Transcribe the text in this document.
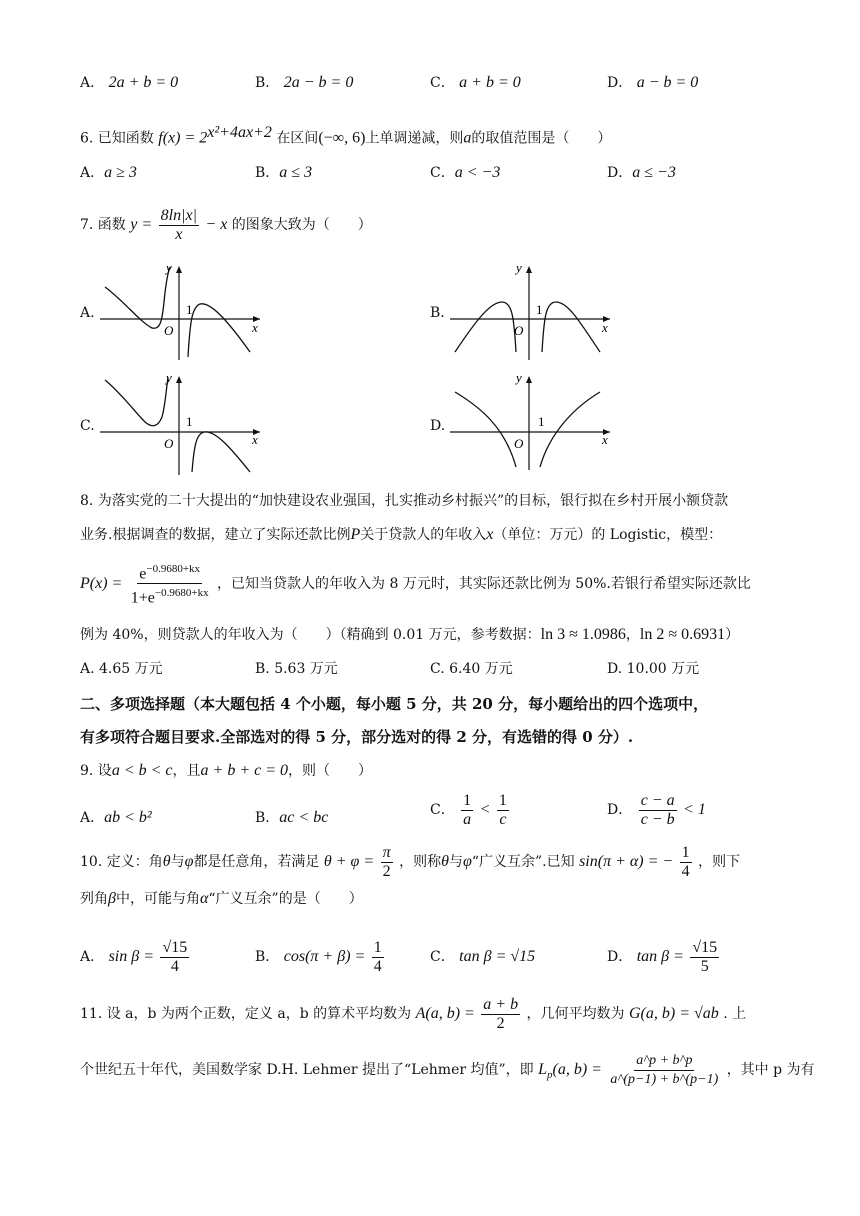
A． 2a + b = 0	B． 2a − b = 0	C． a + b = 0	D． a − b = 0
6. 已知函数 $f(x) = 2^{x^2+4ax+2}$ 在区间(−∞, 6)上单调递减，则a的取值范围是（　　）
A．a ≥ 3	B．a ≤ 3	C．a < −3	D．a ≤ −3
7. 函数 $y = \frac{8\ln|x|}{x} - x$ 的图象大致为（　　）
A.	B.
C.	D.
y
x
O
1
y
x
O
1
y
x
O
1
y
x
O
1
8. 为落实党的二十大提出的“加快建设农业强国，扎实推动乡村振兴”的目标，银行拟在乡村开展小额贷款
业务.根据调查的数据，建立了实际还款比例P关于贷款人的年收入x（单位：万元）的 Logistic，模型：
$P(x) = \frac{e^{-0.9680+kx}}{1+e^{-0.9680+kx}}$ ，已知当贷款人的年收入为 8 万元时，其实际还款比例为 50%.若银行希望实际还款比
例为 40%，则贷款人的年收入为（　　）（精确到 0.01 万元，参考数据：ln 3 ≈ 1.0986，ln 2 ≈ 0.6931）
A. 4.65 万元	B. 5.63 万元	C. 6.40 万元	D. 10.00 万元
二、多项选择题（本大题包括 4 个小题，每小题 5 分，共 20 分，每小题给出的四个选项中，
有多项符合题目要求.全部选对的得 5 分，部分选对的得 2 分，有选错的得 0 分）.
9. 设a < b < c，且a + b + c = 0，则（　　）
A．ab < b²	B．ac < bc	C． $\frac{1}{a} < \frac{1}{c}$	D． $\frac{c - a}{c - b} < 1$
10. 定义：角θ与φ都是任意角，若满足 $\theta + \varphi = \frac{\pi}{2}$ ，则称θ与φ“广义互余”.已知 sin(π + α) = − $\frac{1}{4}$ ，则下
列角β中，可能与角α“广义互余”的是（　　）
A． $\sin \beta = \frac{√15}{4}$	B． $\cos(\pi + \beta) = \frac{1}{4}$	C． tan β = √15	D． $\tan \beta = \frac{√15}{5}$
11. 设 a，b 为两个正数，定义 a，b 的算术平均数为 A(a, $b) = \frac{a + b}{2}$ ，几何平均数为 G(a, b) = √ab . 上
个世纪五十年代，美国数学家 D.H. Lehmer 提出了“Lehmer 均值”，即 $L_p(a$, $b) = \frac{a\^{}p + b\^{}p}{a\^{}(p-1) + b\^{}(p-1)}$ ，其中 p 为有
